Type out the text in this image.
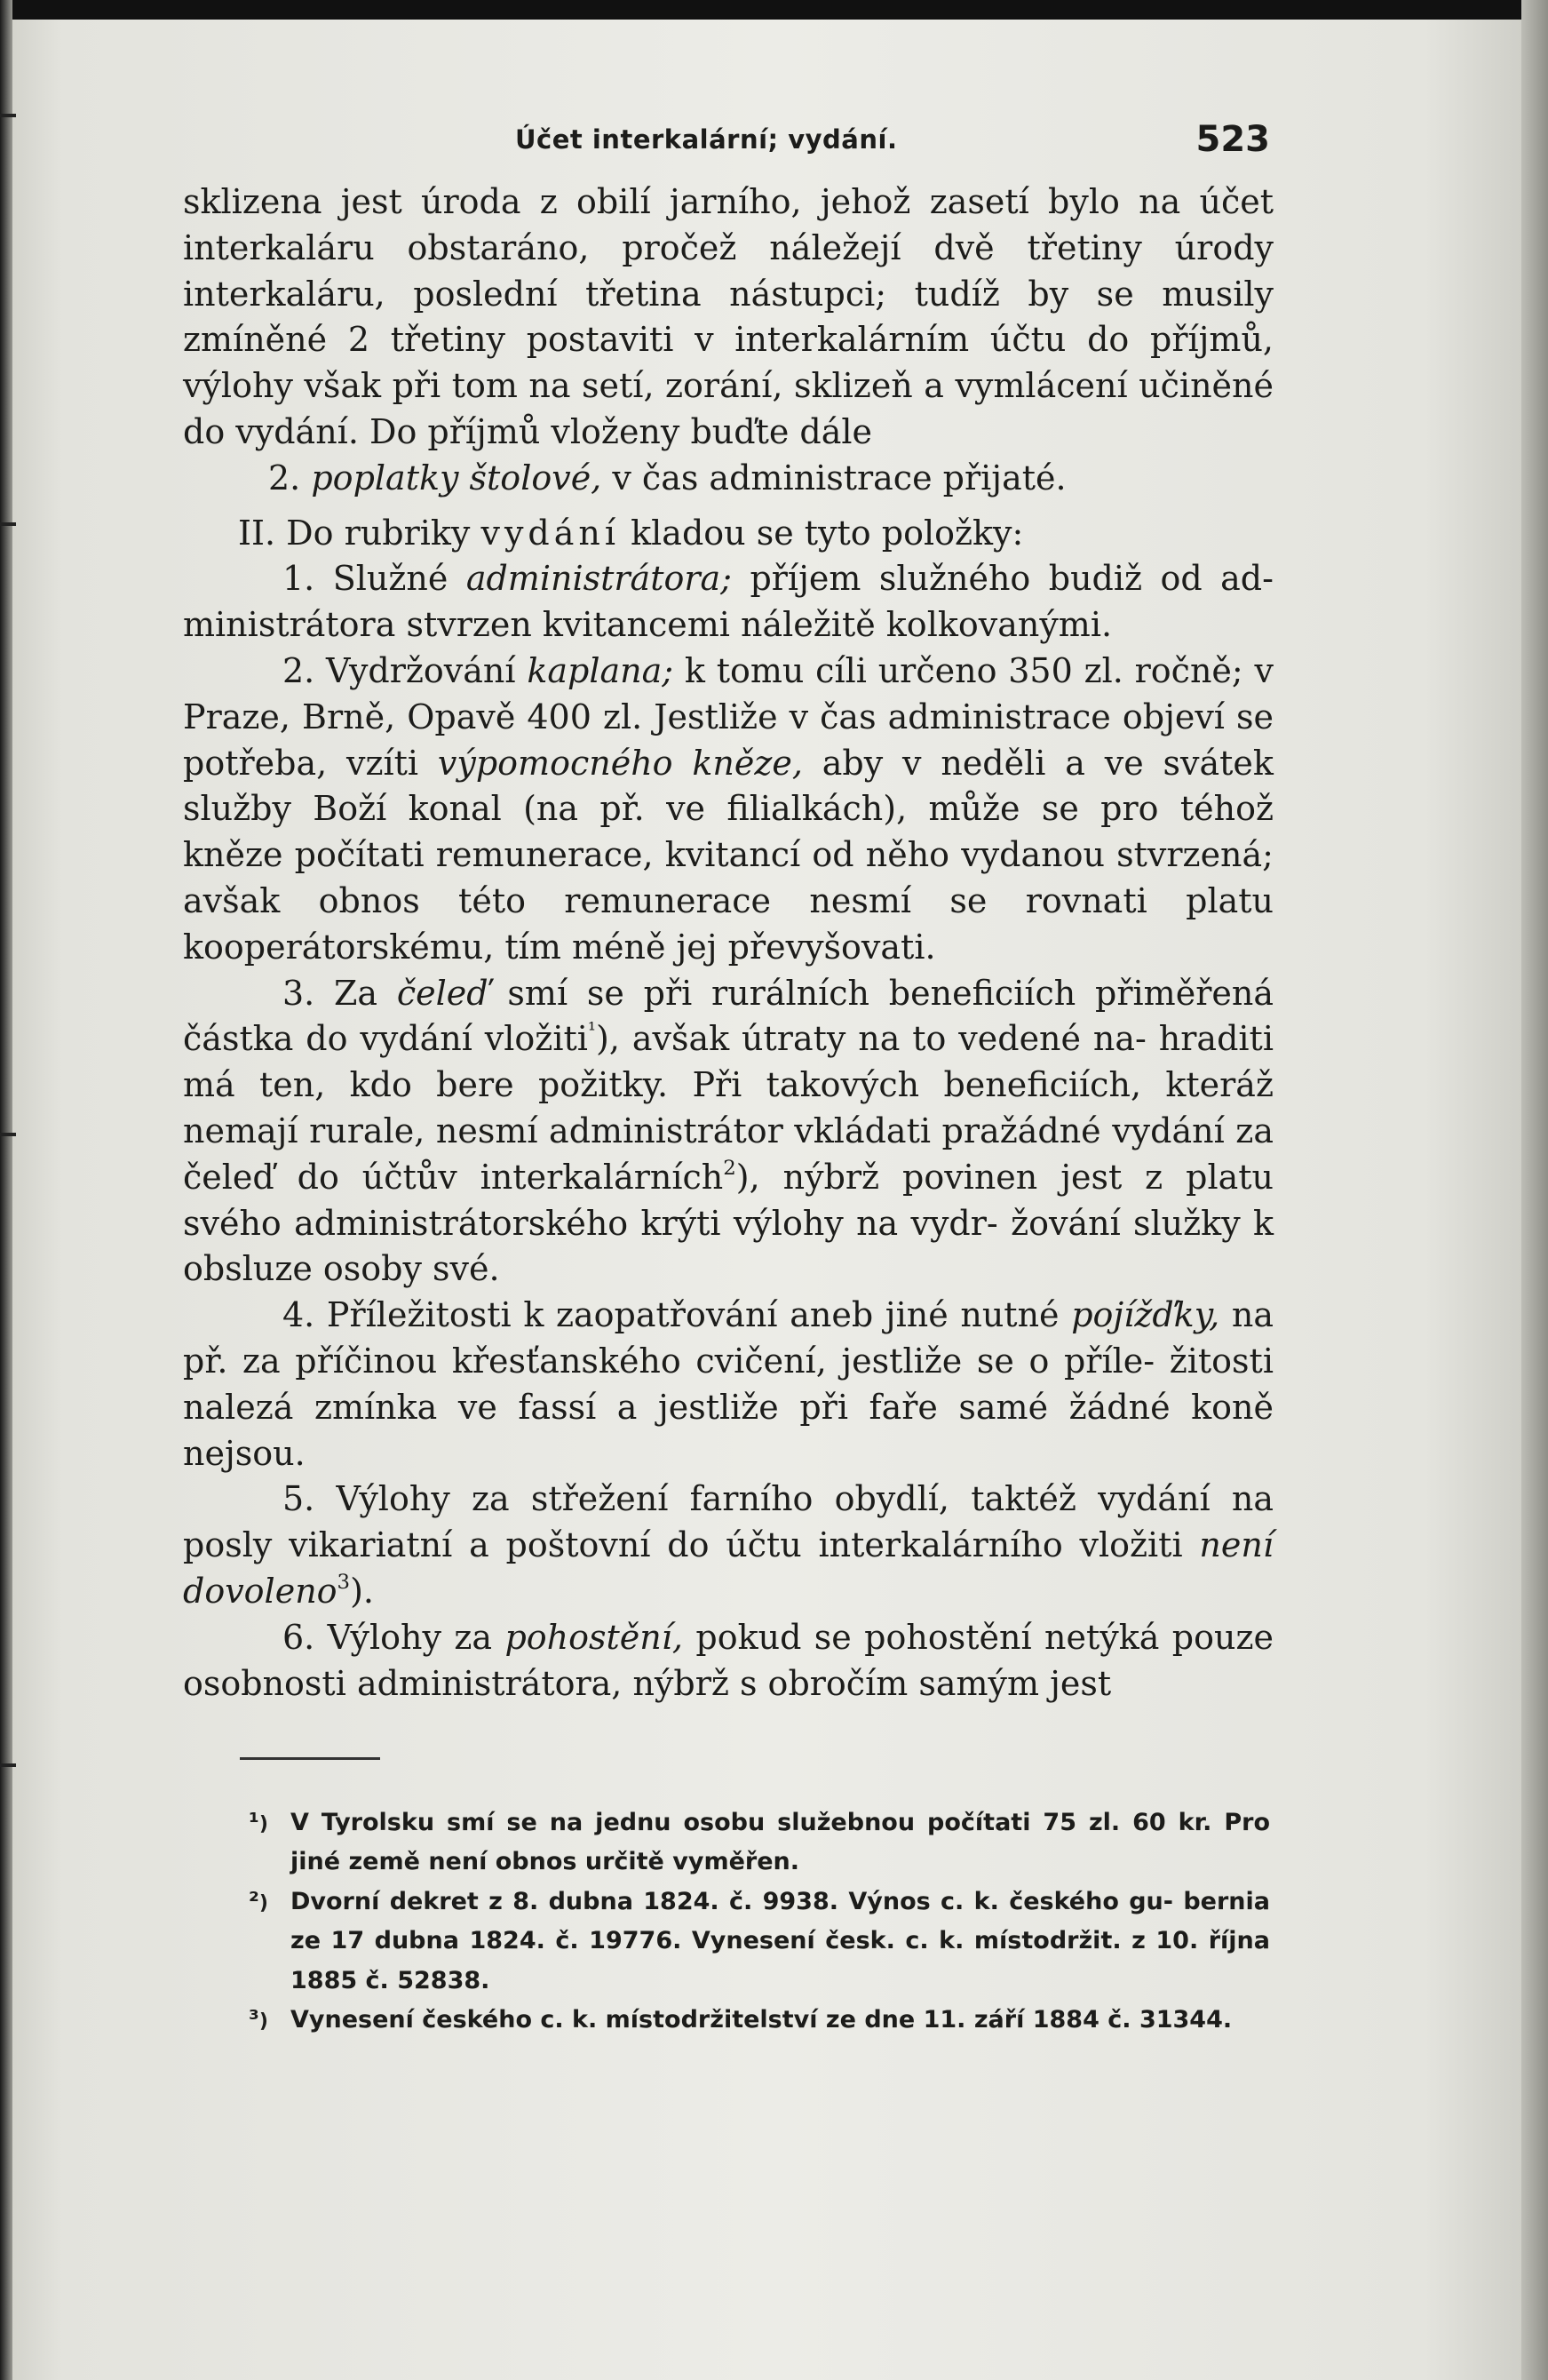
Účet interkalární; vydání.	523

sklizena jest úroda z obilí jarního, jehož zasetí bylo na účet interkaláru obstaráno, pročež náležejí dvě třetiny úrody interkaláru, poslední třetina nástupci; tudíž by se musily zmíněné 2 třetiny postaviti v interkalárním účtu do příjmů, výlohy však při tom na setí, zorání, sklizeň a vymlácení učiněné do vydání. Do příjmů vloženy buďte dále

2. poplatky štolové, v čas administrace přijaté.

II. Do rubriky vydání kladou se tyto položky:

1. Služné administrátora; příjem služného budiž od ad- ministrátora stvrzen kvitancemi náležitě kolkovanými.

2. Vydržování kaplana; k tomu cíli určeno 350 zl. ročně; v Praze, Brně, Opavě 400 zl. Jestliže v čas administrace objeví se potřeba, vzíti výpomocného kněze, aby v neděli a ve svátek služby Boží konal (na př. ve filialkách), může se pro téhož kněze počítati remunerace, kvitancí od něho vydanou stvrzená; avšak obnos této remunerace nesmí se rovnati platu kooperátorskému, tím méně jej převyšovati.

3. Za čeleď smí se při rurálních beneficiích přiměřená částka do vydání vložiti$^{^1}$), avšak útraty na to vedené na- hraditi má ten, kdo bere požitky. Při takových beneficiích, kteráž nemají rurale, nesmí administrátor vkládati pražádné vydání za čeleď do účtův interkalárních$^2$), nýbrž povinen jest z platu svého administrátorského krýti výlohy na vydr- žování služky k obsluze osoby své.

4. Příležitosti k zaopatřování aneb jiné nutné pojížďky, na př. za příčinou křesťanského cvičení, jestliže se o příle- žitosti nalezá zmínka ve fassí a jestliže při faře samé žádné koně nejsou.

5. Výlohy za střežení farního obydlí, taktéž vydání na posly vikariatní a poštovní do účtu interkalárního vložiti není dovoleno$^3$).

6. Výlohy za pohostění, pokud se pohostění netýká pouze osobnosti administrátora, nýbrž s obročím samým jest

¹) V Tyrolsku smí se na jednu osobu služebnou počítati 75 zl. 60 kr. Pro jiné země není obnos určitě vyměřen.
²) Dvorní dekret z 8. dubna 1824. č. 9938. Výnos c. k. českého gu- bernia ze 17 dubna 1824. č. 19776. Vynesení česk. c. k. místodržit. z 10. října 1885 č. 52838.
³) Vynesení českého c. k. místodržitelství ze dne 11. září 1884 č. 31344.
